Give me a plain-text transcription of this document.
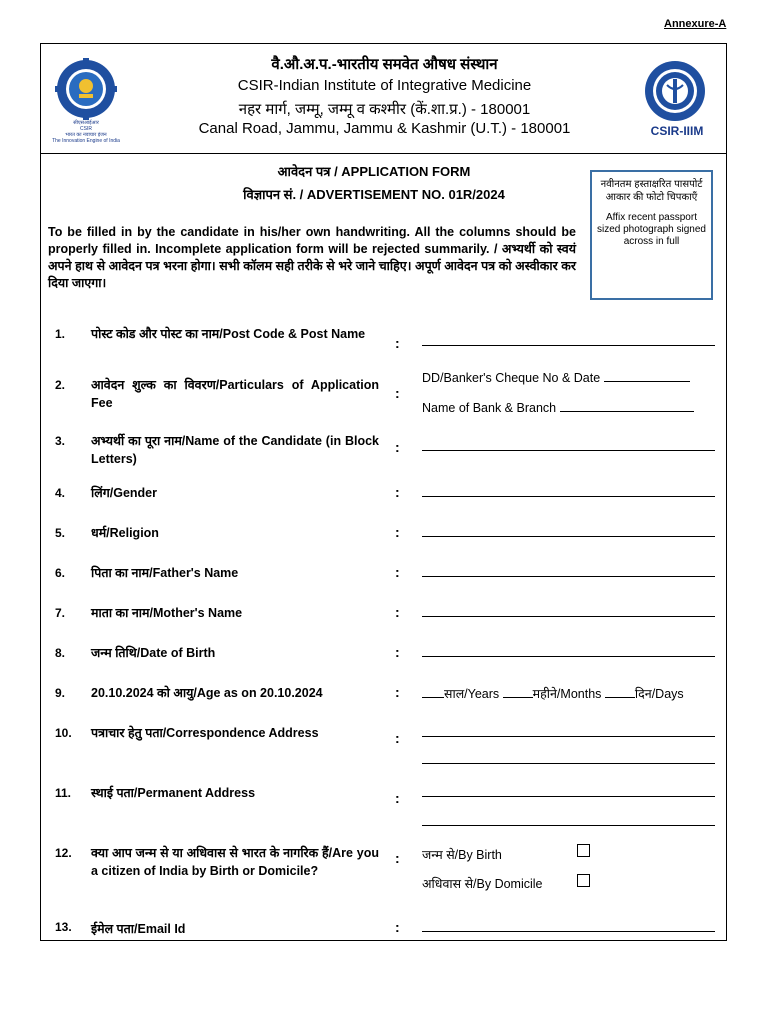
Annexure-A
सीएसआईआर
CSIR
भारत का नवाचार इंजन
The Innovation Engine of India
वै.औ.अ.प.-भारतीय समवेत औषध संस्थान
CSIR-Indian Institute of Integrative Medicine
नहर मार्ग, जम्मू, जम्मू व कश्मीर (कें.शा.प्र.) - 180001
Canal Road, Jammu, Jammu & Kashmir (U.T.) - 180001	CSIR-IIIM
आवेदन पत्र / APPLICATION FORM
विज्ञापन सं. / ADVERTISEMENT NO. 01R/2024
नवीनतम हस्ताक्षरित पासपोर्ट आकार की फोटो चिपकाएँ
Affix recent passport sized photograph signed across in full
To be filled in by the candidate in his/her own handwriting. All the columns should be properly filled in. Incomplete application form will be rejected summarily. / अभ्यर्थी को स्वयं अपने हाथ से आवेदन पत्र भरना होगा। सभी कॉलम सही तरीके से भरे जाने चाहिए। अपूर्ण आवेदन पत्र को अस्वीकार कर दिया जाएगा।
1. पोस्ट कोड और पोस्ट का नाम/Post Code & Post Name
:
2. आवेदन शुल्क का विवरण/Particulars of Application Fee
:
DD/Banker's Cheque No & Date
Name of Bank & Branch
3. अभ्यर्थी का पूरा नाम/Name of the Candidate (in Block Letters)
:
4. लिंग/Gender	:
5. धर्म/Religion	:
6. पिता का नाम/Father's Name	:
7. माता का नाम/Mother's Name	:
8. जन्म तिथि/Date of Birth	:
9. 20.10.2024 को आयु/Age as on 20.10.2024	:	साल/Years	महीने/Months	दिन/Days
10. पत्राचार हेतु पता/Correspondence Address	:
11. स्थाई पता/Permanent Address	:
12. क्या आप जन्म से या अधिवास से भारत के नागरिक हैं/Are you a citizen of India by Birth or Domicile?
: जन्म से/By Birth
अधिवास से/By Domicile
13. ईमेल पता/Email Id	:
